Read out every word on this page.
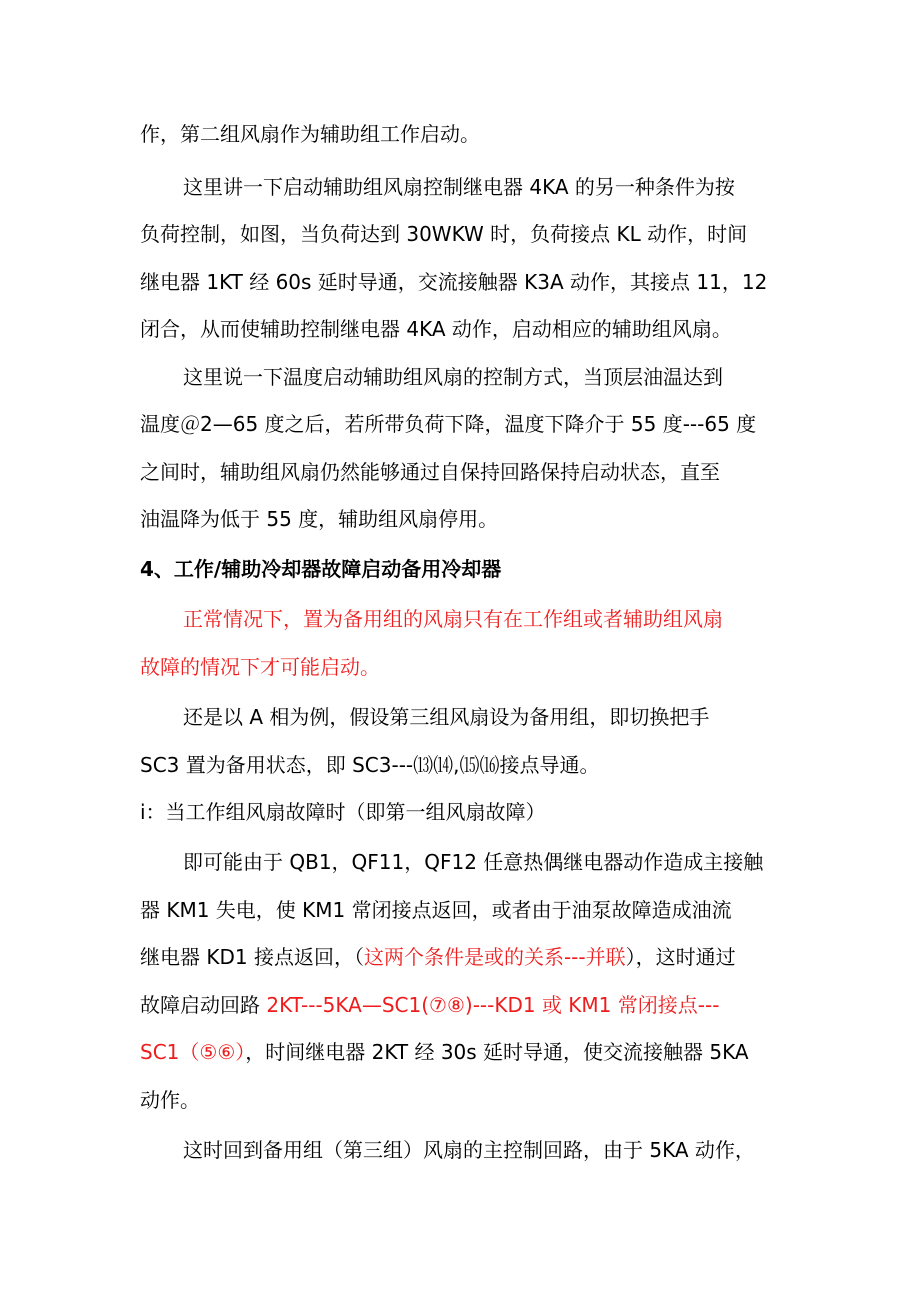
作，第二组风扇作为辅助组工作启动。
这里讲一下启动辅助组风扇控制继电器 4KA 的另一种条件为按
负荷控制，如图，当负荷达到 30WKW 时，负荷接点 KL 动作，时间
继电器 1KT 经 60s 延时导通，交流接触器 K3A 动作，其接点 11，12
闭合，从而使辅助控制继电器 4KA 动作，启动相应的辅助组风扇。
这里说一下温度启动辅助组风扇的控制方式，当顶层油温达到
温度＠2—65 度之后，若所带负荷下降，温度下降介于 55 度---65 度
之间时，辅助组风扇仍然能够通过自保持回路保持启动状态，直至
油温降为低于 55 度，辅助组风扇停用。
4、工作/辅助冷却器故障启动备用冷却器
正常情况下，置为备用组的风扇只有在工作组或者辅助组风扇
故障的情况下才可能启动。
还是以 A 相为例，假设第三组风扇设为备用组，即切换把手
SC3 置为备用状态，即 SC3---⒀⒁,⒂⒃接点导通。
i：当工作组风扇故障时（即第一组风扇故障）
即可能由于 QB1，QF11，QF12 任意热偶继电器动作造成主接触
器 KM1 失电，使 KM1 常闭接点返回，或者由于油泵故障造成油流
继电器 KD1 接点返回，（这两个条件是或的关系---并联），这时通过
故障启动回路 2KT---5KA—SC1(⑦⑧)---KD1 或 KM1 常闭接点---
SC1（⑤⑥），时间继电器 2KT 经 30s 延时导通，使交流接触器 5KA
动作。
这时回到备用组（第三组）风扇的主控制回路，由于 5KA 动作，
